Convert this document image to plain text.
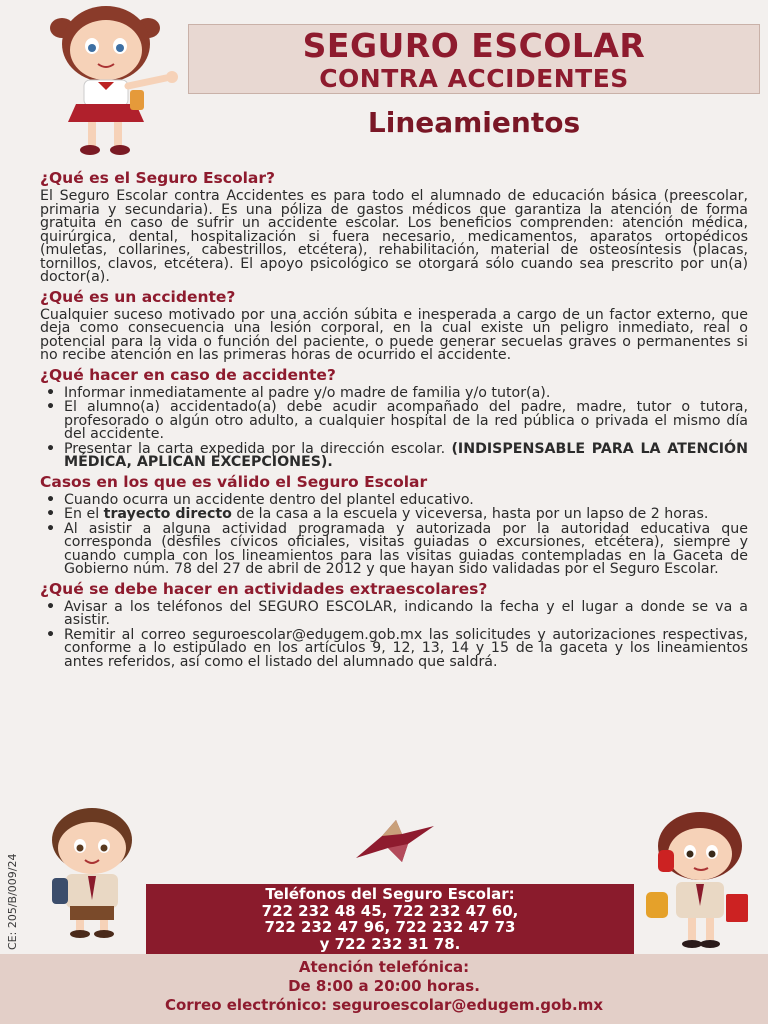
SEGURO ESCOLAR
CONTRA ACCIDENTES
Lineamientos
¿Qué es el Seguro Escolar?

El Seguro Escolar contra Accidentes es para todo el alumnado de educación básica (preescolar, primaria y secundaria). Es una póliza de gastos médicos que garantiza la atención de forma gratuita en caso de sufrir un accidente escolar. Los beneficios comprenden: atención médica, quirúrgica, dental, hospitalización si fuera necesario, medicamentos, aparatos ortopédicos (muletas, collarines, cabestrillos, etcétera), rehabilitación, material de osteosíntesis (placas, tornillos, clavos, etcétera). El apoyo psicológico se otorgará sólo cuando sea prescrito por un(a) doctor(a).

¿Qué es un accidente?

Cualquier suceso motivado por una acción súbita e inesperada a cargo de un factor externo, que deja como consecuencia una lesión corporal, en la cual existe un peligro inmediato, real o potencial para la vida o función del paciente, o puede generar secuelas graves o permanentes si no recibe atención en las primeras horas de ocurrido el accidente.

¿Qué hacer en caso de accidente?
• Informar inmediatamente al padre y/o madre de familia y/o tutor(a).
• El alumno(a) accidentado(a) debe acudir acompañado del padre, madre, tutor o tutora, profesorado o algún otro adulto, a cualquier hospital de la red pública o privada el mismo día del accidente.
• Presentar la carta expedida por la dirección escolar. (INDISPENSABLE PARA LA ATENCIÓN MÉDICA, APLICAN EXCEPCIONES).
Casos en los que es válido el Seguro Escolar
• Cuando ocurra un accidente dentro del plantel educativo.
• En el trayecto directo de la casa a la escuela y viceversa, hasta por un lapso de 2 horas.
• Al asistir a alguna actividad programada y autorizada por la autoridad educativa que corresponda (desfiles cívicos oficiales, visitas guiadas o excursiones, etcétera), siempre y cuando cumpla con los lineamientos para las visitas guiadas contempladas en la Gaceta de Gobierno núm. 78 del 27 de abril de 2012 y que hayan sido validadas por el Seguro Escolar.
¿Qué se debe hacer en actividades extraescolares?
• Avisar a los teléfonos del SEGURO ESCOLAR, indicando la fecha y el lugar a donde se va a asistir.
• Remitir al correo seguroescolar@edugem.gob.mx las solicitudes y autorizaciones respectivas, conforme a lo estipulado en los artículos 9, 12, 13, 14 y 15 de la gaceta y los lineamientos antes referidos, así como el listado del alumnado que saldrá.
Teléfonos del Seguro Escolar:
722 232 48 45, 722 232 47 60,
722 232 47 96, 722 232 47 73
y 722 232 31 78.
Atención telefónica:
De 8:00 a 20:00 horas.
Correo electrónico: seguroescolar@edugem.gob.mx
CE: 205/B/009/24
